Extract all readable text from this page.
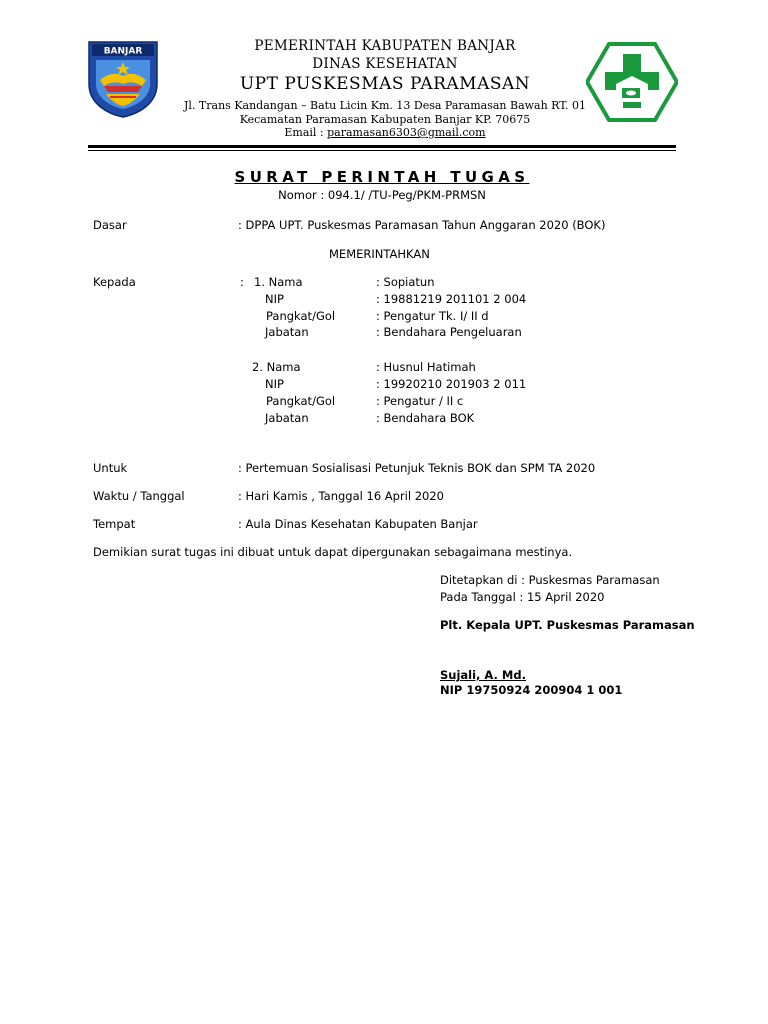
BANJAR	PEMERINTAH KABUPATEN BANJAR
DINAS KESEHATAN
UPT PUSKESMAS PARAMASAN
Jl. Trans Kandangan – Batu Licin Km. 13 Desa Paramasan Bawah RT. 01
Kecamatan Paramasan Kabupaten Banjar KP. 70675
Email : paramasan6303@gmail.com
SURAT PERINTAH TUGAS
Nomor : 094.1/ /TU-Peg/PKM-PRMSN
Dasar	: DPPA UPT. Puskesmas Paramasan Tahun Anggaran 2020 (BOK)
MEMERINTAHKAN
Kepada	: 1. Nama	: Sopiatun
NIP	: 19881219 201101 2 004
Pangkat/Gol	: Pengatur Tk. I/ II d
Jabatan	: Bendahara Pengeluaran
2. Nama	: Husnul Hatimah
NIP	: 19920210 201903 2 011
Pangkat/Gol	: Pengatur / II c
Jabatan	: Bendahara BOK
Untuk	: Pertemuan Sosialisasi Petunjuk Teknis BOK dan SPM TA 2020
Waktu / Tanggal	: Hari Kamis , Tanggal 16 April 2020
Tempat	: Aula Dinas Kesehatan Kabupaten Banjar
Demikian surat tugas ini dibuat untuk dapat dipergunakan sebagaimana mestinya.
Ditetapkan di : Puskesmas Paramasan
Pada Tanggal : 15 April 2020
Plt. Kepala UPT. Puskesmas Paramasan
Sujali, A. Md.
NIP 19750924 200904 1 001
